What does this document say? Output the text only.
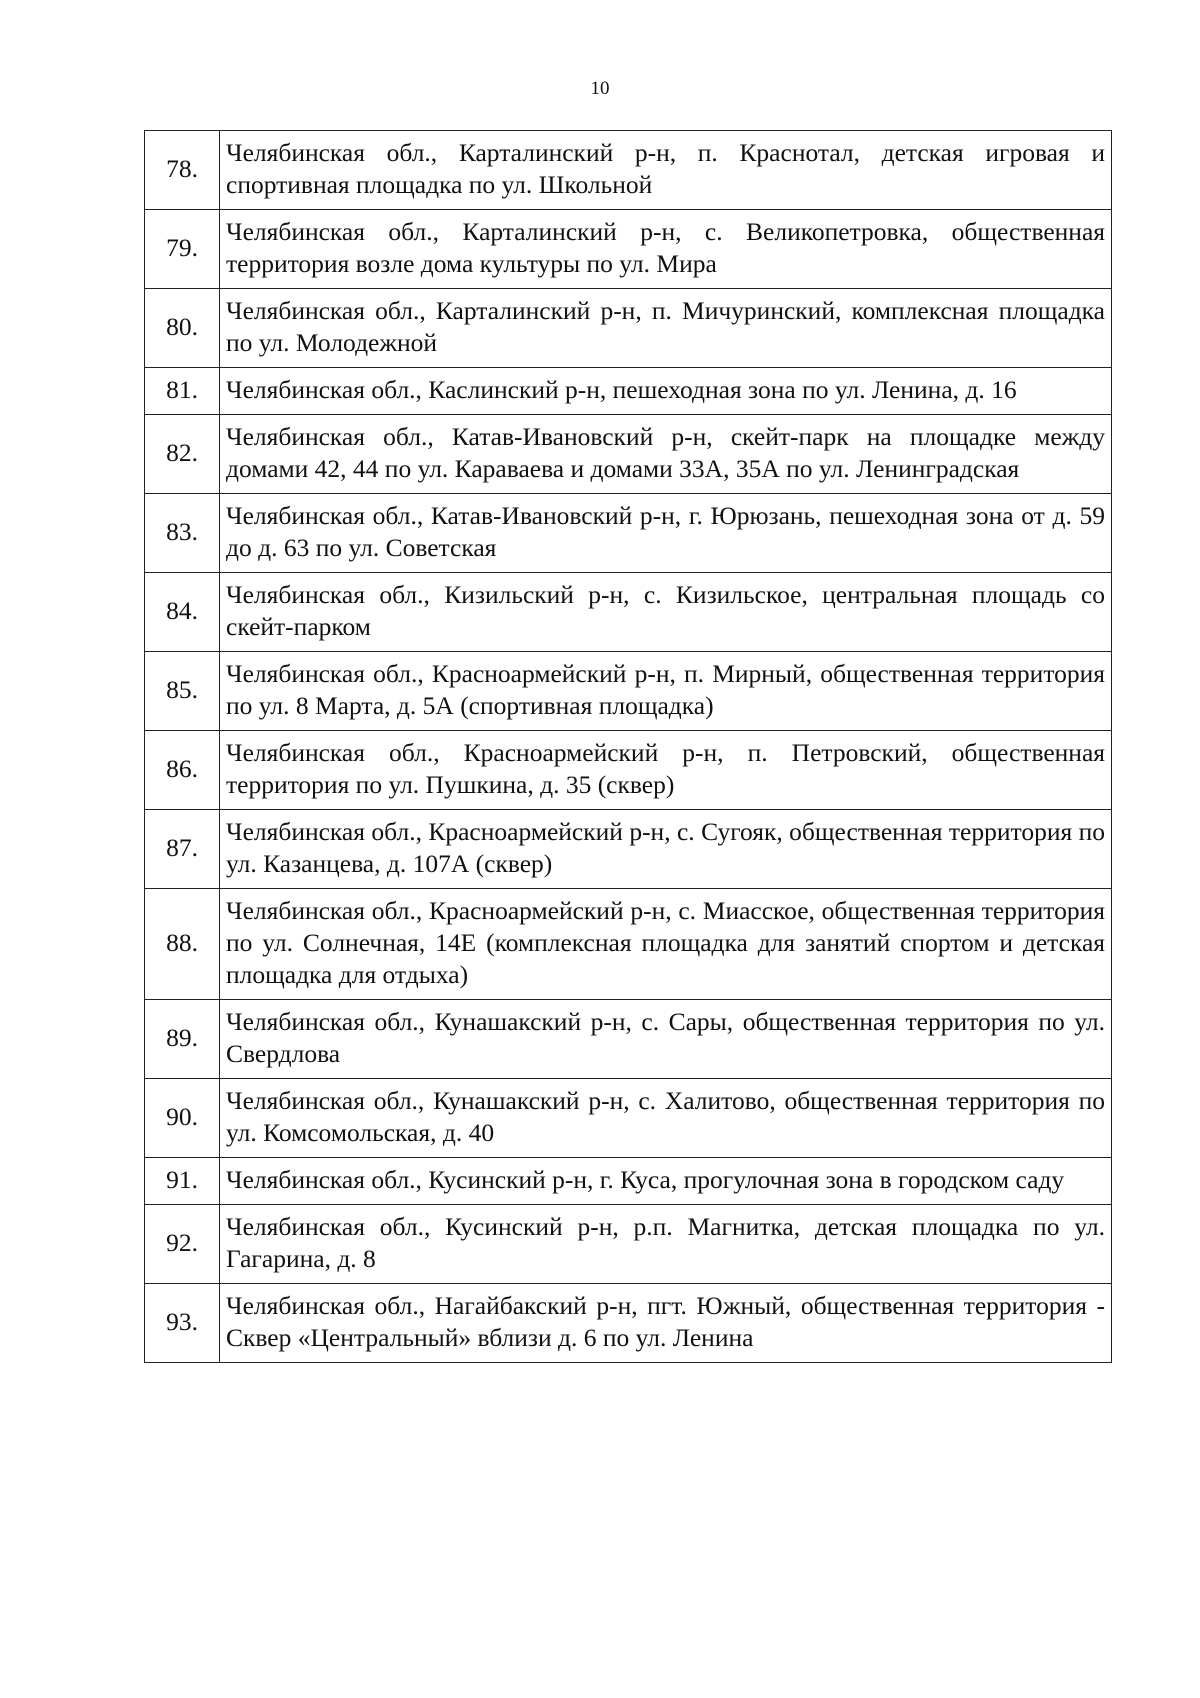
10
78.	Челябинская обл., Карталинский р-н, п. Краснотал, детская игровая и спортивная площадка по ул. Школьной
79.	Челябинская обл., Карталинский р-н, с. Великопетровка, общественная территория возле дома культуры по ул. Мира
80.	Челябинская обл., Карталинский р-н, п. Мичуринский, комплексная площадка по ул. Молодежной
81.	Челябинская обл., Каслинский р-н, пешеходная зона по ул. Ленина, д. 16
82.	Челябинская обл., Катав-Ивановский р-н, скейт-парк на площадке между домами 42, 44 по ул. Караваева и домами 33А, 35А по ул. Ленинградская
83.	Челябинская обл., Катав-Ивановский р-н, г. Юрюзань, пешеходная зона от д. 59 до д. 63 по ул. Советская
84.	Челябинская обл., Кизильский р-н, с. Кизильское, центральная площадь со скейт-парком
85.	Челябинская обл., Красноармейский р-н, п. Мирный, общественная территория по ул. 8 Марта, д. 5А (спортивная площадка)
86.	Челябинская обл., Красноармейский р-н, п. Петровский, общественная территория по ул. Пушкина, д. 35 (сквер)
87.	Челябинская обл., Красноармейский р-н, с. Сугояк, общественная территория по ул. Казанцева, д. 107А (сквер)
88.	Челябинская обл., Красноармейский р-н, с. Миасское, общественная территория по ул. Солнечная, 14Е (комплексная площадка для занятий спортом и детская площадка для отдыха)
89.	Челябинская обл., Кунашакский р-н, с. Сары, общественная территория по ул. Свердлова
90.	Челябинская обл., Кунашакский р-н, с. Халитово, общественная территория по ул. Комсомольская, д. 40
91.	Челябинская обл., Кусинский р-н, г. Куса, прогулочная зона в городском саду
92.	Челябинская обл., Кусинский р-н, р.п. Магнитка, детская площадка по ул. Гагарина, д. 8
93.	Челябинская обл., Нагайбакский р-н, пгт. Южный, общественная территория - Сквер «Центральный» вблизи д. 6 по ул. Ленина
